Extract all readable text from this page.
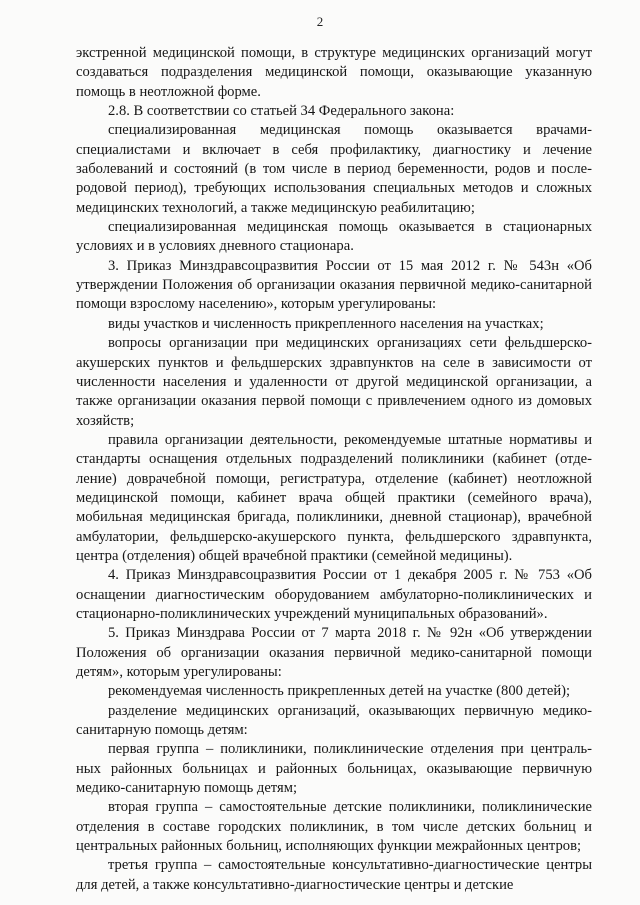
2

экстренной медицинской помощи, в структуре медицинских организаций могут создаваться подразделения медицинской помощи, оказывающие указанную помощь в неотложной форме.

2.8. В соответствии со статьей 34 Федерального закона:

специализированная медицинская помощь оказывается врачами-специалистами и включает в себя профилактику, диагностику и лечение заболеваний и состояний (в том числе в период беременности, родов и после-родовой период), требующих использования специальных методов и сложных медицинских технологий, а также медицинскую реабилитацию;

специализированная медицинская помощь оказывается в стационарных условиях и в условиях дневного стационара.

3. Приказ Минздравсоцразвития России от 15 мая 2012 г. № 543н «Об утверждении Положения об организации оказания первичной медико-санитарной помощи взрослому населению», которым урегулированы:

виды участков и численность прикрепленного населения на участках;

вопросы организации при медицинских организациях сети фельдшерско-акушерских пунктов и фельдшерских здравпунктов на селе в зависимости от численности населения и удаленности от другой медицинской организации, а также организации оказания первой помощи с привлечением одного из домовых хозяйств;

правила организации деятельности, рекомендуемые штатные нормативы и стандарты оснащения отдельных подразделений поликлиники (кабинет (отде-ление) доврачебной помощи, регистратура, отделение (кабинет) неотложной медицинской помощи, кабинет врача общей практики (семейного врача), мобильная медицинская бригада, поликлиники, дневной стационар), врачебной амбулатории, фельдшерско-акушерского пункта, фельдшерского здравпункта, центра (отделения) общей врачебной практики (семейной медицины).

4. Приказ Минздравсоцразвития России от 1 декабря 2005 г. № 753 «Об оснащении диагностическим оборудованием амбулаторно-поликлинических и стационарно-поликлинических учреждений муниципальных образований».

5. Приказ Минздрава России от 7 марта 2018 г. № 92н «Об утверждении Положения об организации оказания первичной медико-санитарной помощи детям», которым урегулированы:

рекомендуемая численность прикрепленных детей на участке (800 детей);

разделение медицинских организаций, оказывающих первичную медико-санитарную помощь детям:

первая группа – поликлиники, поликлинические отделения при централь-ных районных больницах и районных больницах, оказывающие первичную медико-санитарную помощь детям;

вторая группа – самостоятельные детские поликлиники, поликлинические отделения в составе городских поликлиник, в том числе детских больниц и центральных районных больниц, исполняющих функции межрайонных центров;

третья группа – самостоятельные консультативно-диагностические центры для детей, а также консультативно-диагностические центры и детские
